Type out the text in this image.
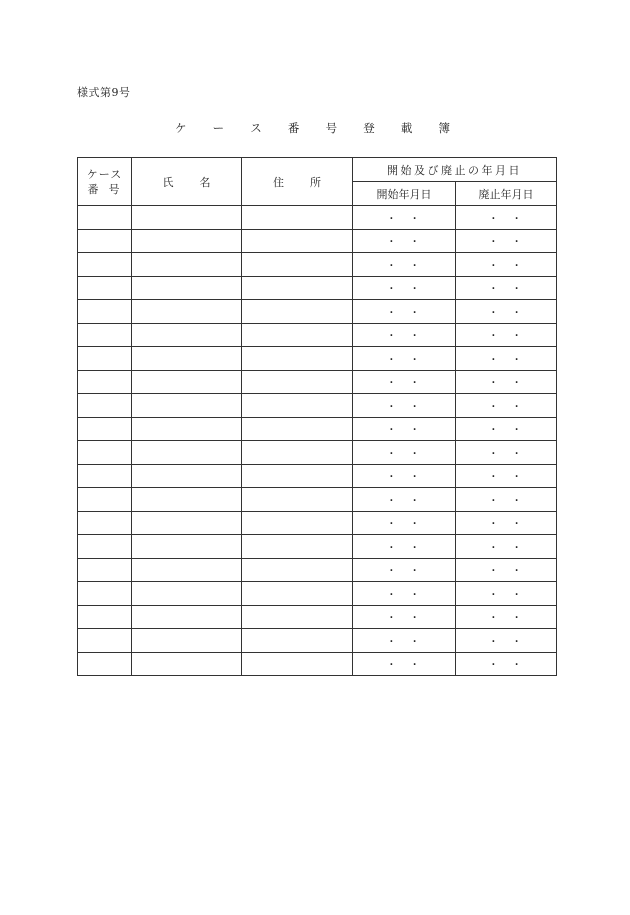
様式第9号
ケ ー ス 番 号 登 載 簿
ケース
番号	氏名	住所	開始及び廃止の年月日	
			開始年月日	廃止年月日
			・ ・	・ ・
			・ ・	・ ・
			・ ・	・ ・
			・ ・	・ ・
			・ ・	・ ・
			・ ・	・ ・
			・ ・	・ ・
			・ ・	・ ・
			・ ・	・ ・
			・ ・	・ ・
			・ ・	・ ・
			・ ・	・ ・
			・ ・	・ ・
			・ ・	・ ・
			・ ・	・ ・
			・ ・	・ ・
			・ ・	・ ・
			・ ・	・ ・
			・ ・	・ ・
			・ ・	・ ・
